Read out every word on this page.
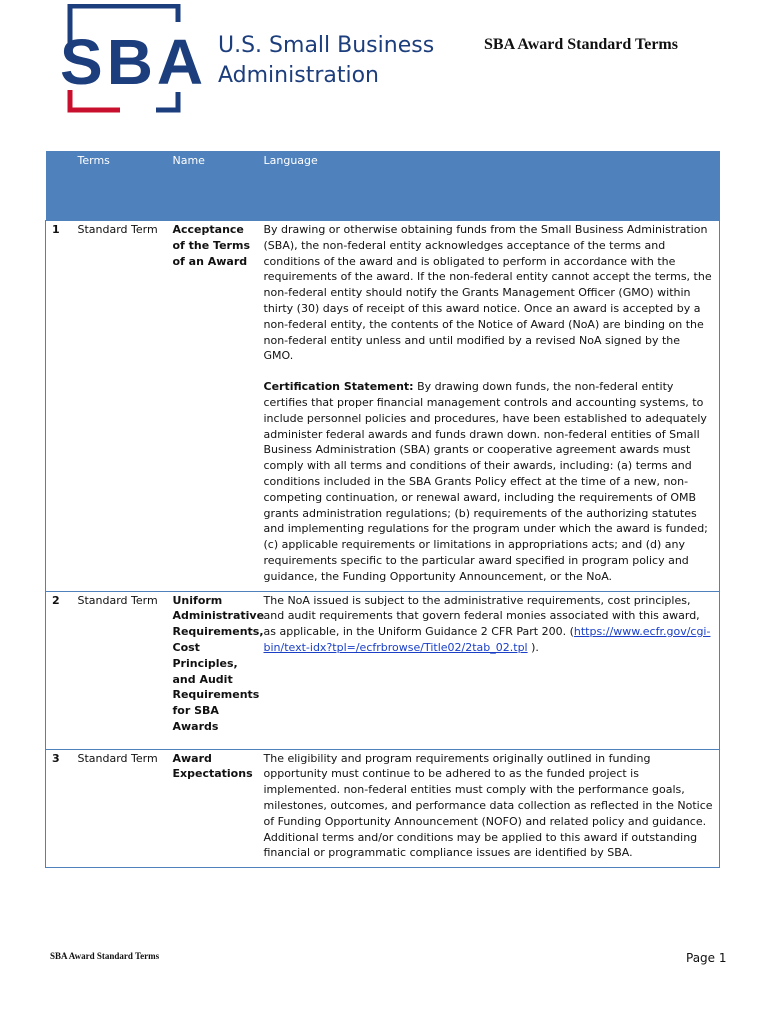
SBA U.S. Small Business
Administration
SBA Award Standard Terms
	Terms	Name	Language
1	Standard Term	Acceptance of the Terms of an Award	By drawing or otherwise obtaining funds from the Small Business Administration (SBA), the non-federal entity acknowledges acceptance of the terms and conditions of the award and is obligated to perform in accordance with the requirements of the award. If the non-federal entity cannot accept the terms, the non-federal entity should notify the Grants Management Officer (GMO) within thirty (30) days of receipt of this award notice. Once an award is accepted by a non-federal entity, the contents of the Notice of Award (NoA) are binding on the non-federal entity unless and until modified by a revised NoA signed by the GMO.

Certification Statement: By drawing down funds, the non-federal entity certifies that proper financial management controls and accounting systems, to include personnel policies and procedures, have been established to adequately administer federal awards and funds drawn down. non-federal entities of Small Business Administration (SBA) grants or cooperative agreement awards must comply with all terms and conditions of their awards, including: (a) terms and conditions included in the SBA Grants Policy effect at the time of a new, non-competing continuation, or renewal award, including the requirements of OMB grants administration regulations; (b) requirements of the authorizing statutes and implementing regulations for the program under which the award is funded; (c) applicable requirements or limitations in appropriations acts; and (d) any requirements specific to the particular award specified in program policy and guidance, the Funding Opportunity Announcement, or the NoA.

2	Standard Term	Uniform Administrative Requirements, Cost Principles, and Audit Requirements for SBA Awards	The NoA issued is subject to the administrative requirements, cost principles, and audit requirements that govern federal monies associated with this award, as applicable, in the Uniform Guidance 2 CFR Part 200. (https://www.ecfr.gov/cgi-bin/text-idx?tpl=/ecfrbrowse/Title02/2tab_02.tpl ).
3	Standard Term	Award Expectations	The eligibility and program requirements originally outlined in funding opportunity must continue to be adhered to as the funded project is implemented. non-federal entities must comply with the performance goals, milestones, outcomes, and performance data collection as reflected in the Notice of Funding Opportunity Announcement (NOFO) and related policy and guidance. Additional terms and/or conditions may be applied to this award if outstanding financial or programmatic compliance issues are identified by SBA.
SBA Award Standard Terms	Page 1
